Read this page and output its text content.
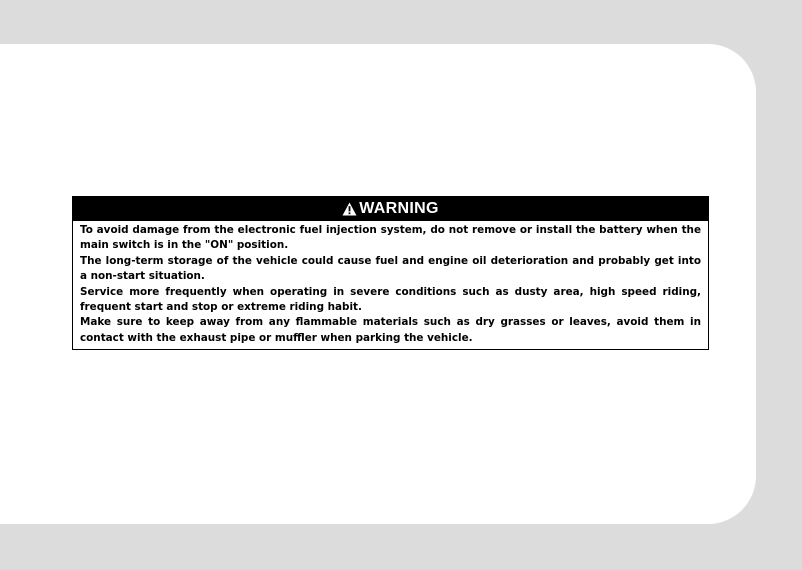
WARNING

To avoid damage from the electronic fuel injection system, do not remove or install the battery when the main switch is in the "ON" position.

The long-term storage of the vehicle could cause fuel and engine oil deterioration and probably get into a non-start situation.

Service more frequently when operating in severe conditions such as dusty area, high speed riding, frequent start and stop or extreme riding habit.

Make sure to keep away from any flammable materials such as dry grasses or leaves, avoid them in contact with the exhaust pipe or muffler when parking the vehicle.
